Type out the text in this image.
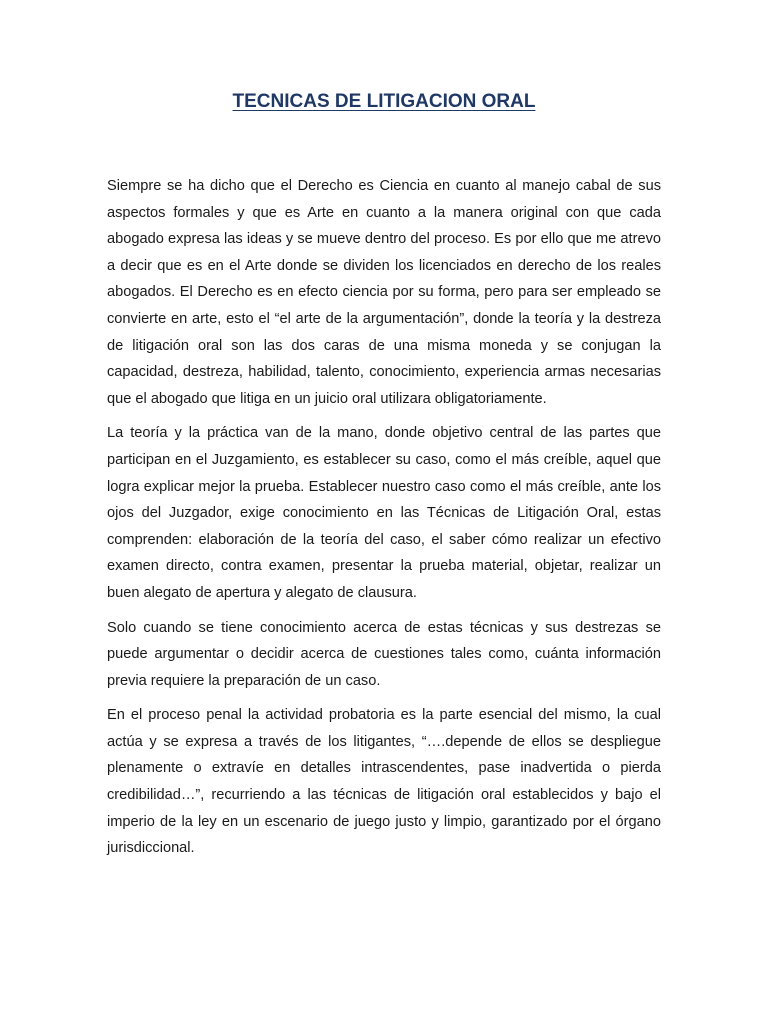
TECNICAS DE LITIGACION ORAL

Siempre se ha dicho que el Derecho es Ciencia en cuanto al manejo cabal de sus aspectos formales y que es Arte en cuanto a la manera original con que cada abogado expresa las ideas y se mueve dentro del proceso. Es por ello que me atrevo a decir que es en el Arte donde se dividen los licenciados en derecho de los reales abogados. El Derecho es en efecto ciencia por su forma, pero para ser empleado se convierte en arte, esto el “el arte de la argumentación”, donde la teoría y la destreza de litigación oral son las dos caras de una misma moneda y se conjugan la capacidad, destreza, habilidad, talento, conocimiento, experiencia armas necesarias que el abogado que litiga en un juicio oral utilizara obligatoriamente.

La teoría y la práctica van de la mano, donde objetivo central de las partes que participan en el Juzgamiento, es establecer su caso, como el más creíble, aquel que logra explicar mejor la prueba. Establecer nuestro caso como el más creíble, ante los ojos del Juzgador, exige conocimiento en las Técnicas de Litigación Oral, estas comprenden: elaboración de la teoría del caso, el saber cómo realizar un efectivo examen directo, contra examen, presentar la prueba material, objetar, realizar un buen alegato de apertura y alegato de clausura.

Solo cuando se tiene conocimiento acerca de estas técnicas y sus destrezas se puede argumentar o decidir acerca de cuestiones tales como, cuánta información previa requiere la preparación de un caso.

En el proceso penal la actividad probatoria es la parte esencial del mismo, la cual actúa y se expresa a través de los litigantes, “….depende de ellos se despliegue plenamente o extravíe en detalles intrascendentes, pase inadvertida o pierda credibilidad…”, recurriendo a las técnicas de litigación oral establecidos y bajo el imperio de la ley en un escenario de juego justo y limpio, garantizado por el órgano jurisdiccional.
